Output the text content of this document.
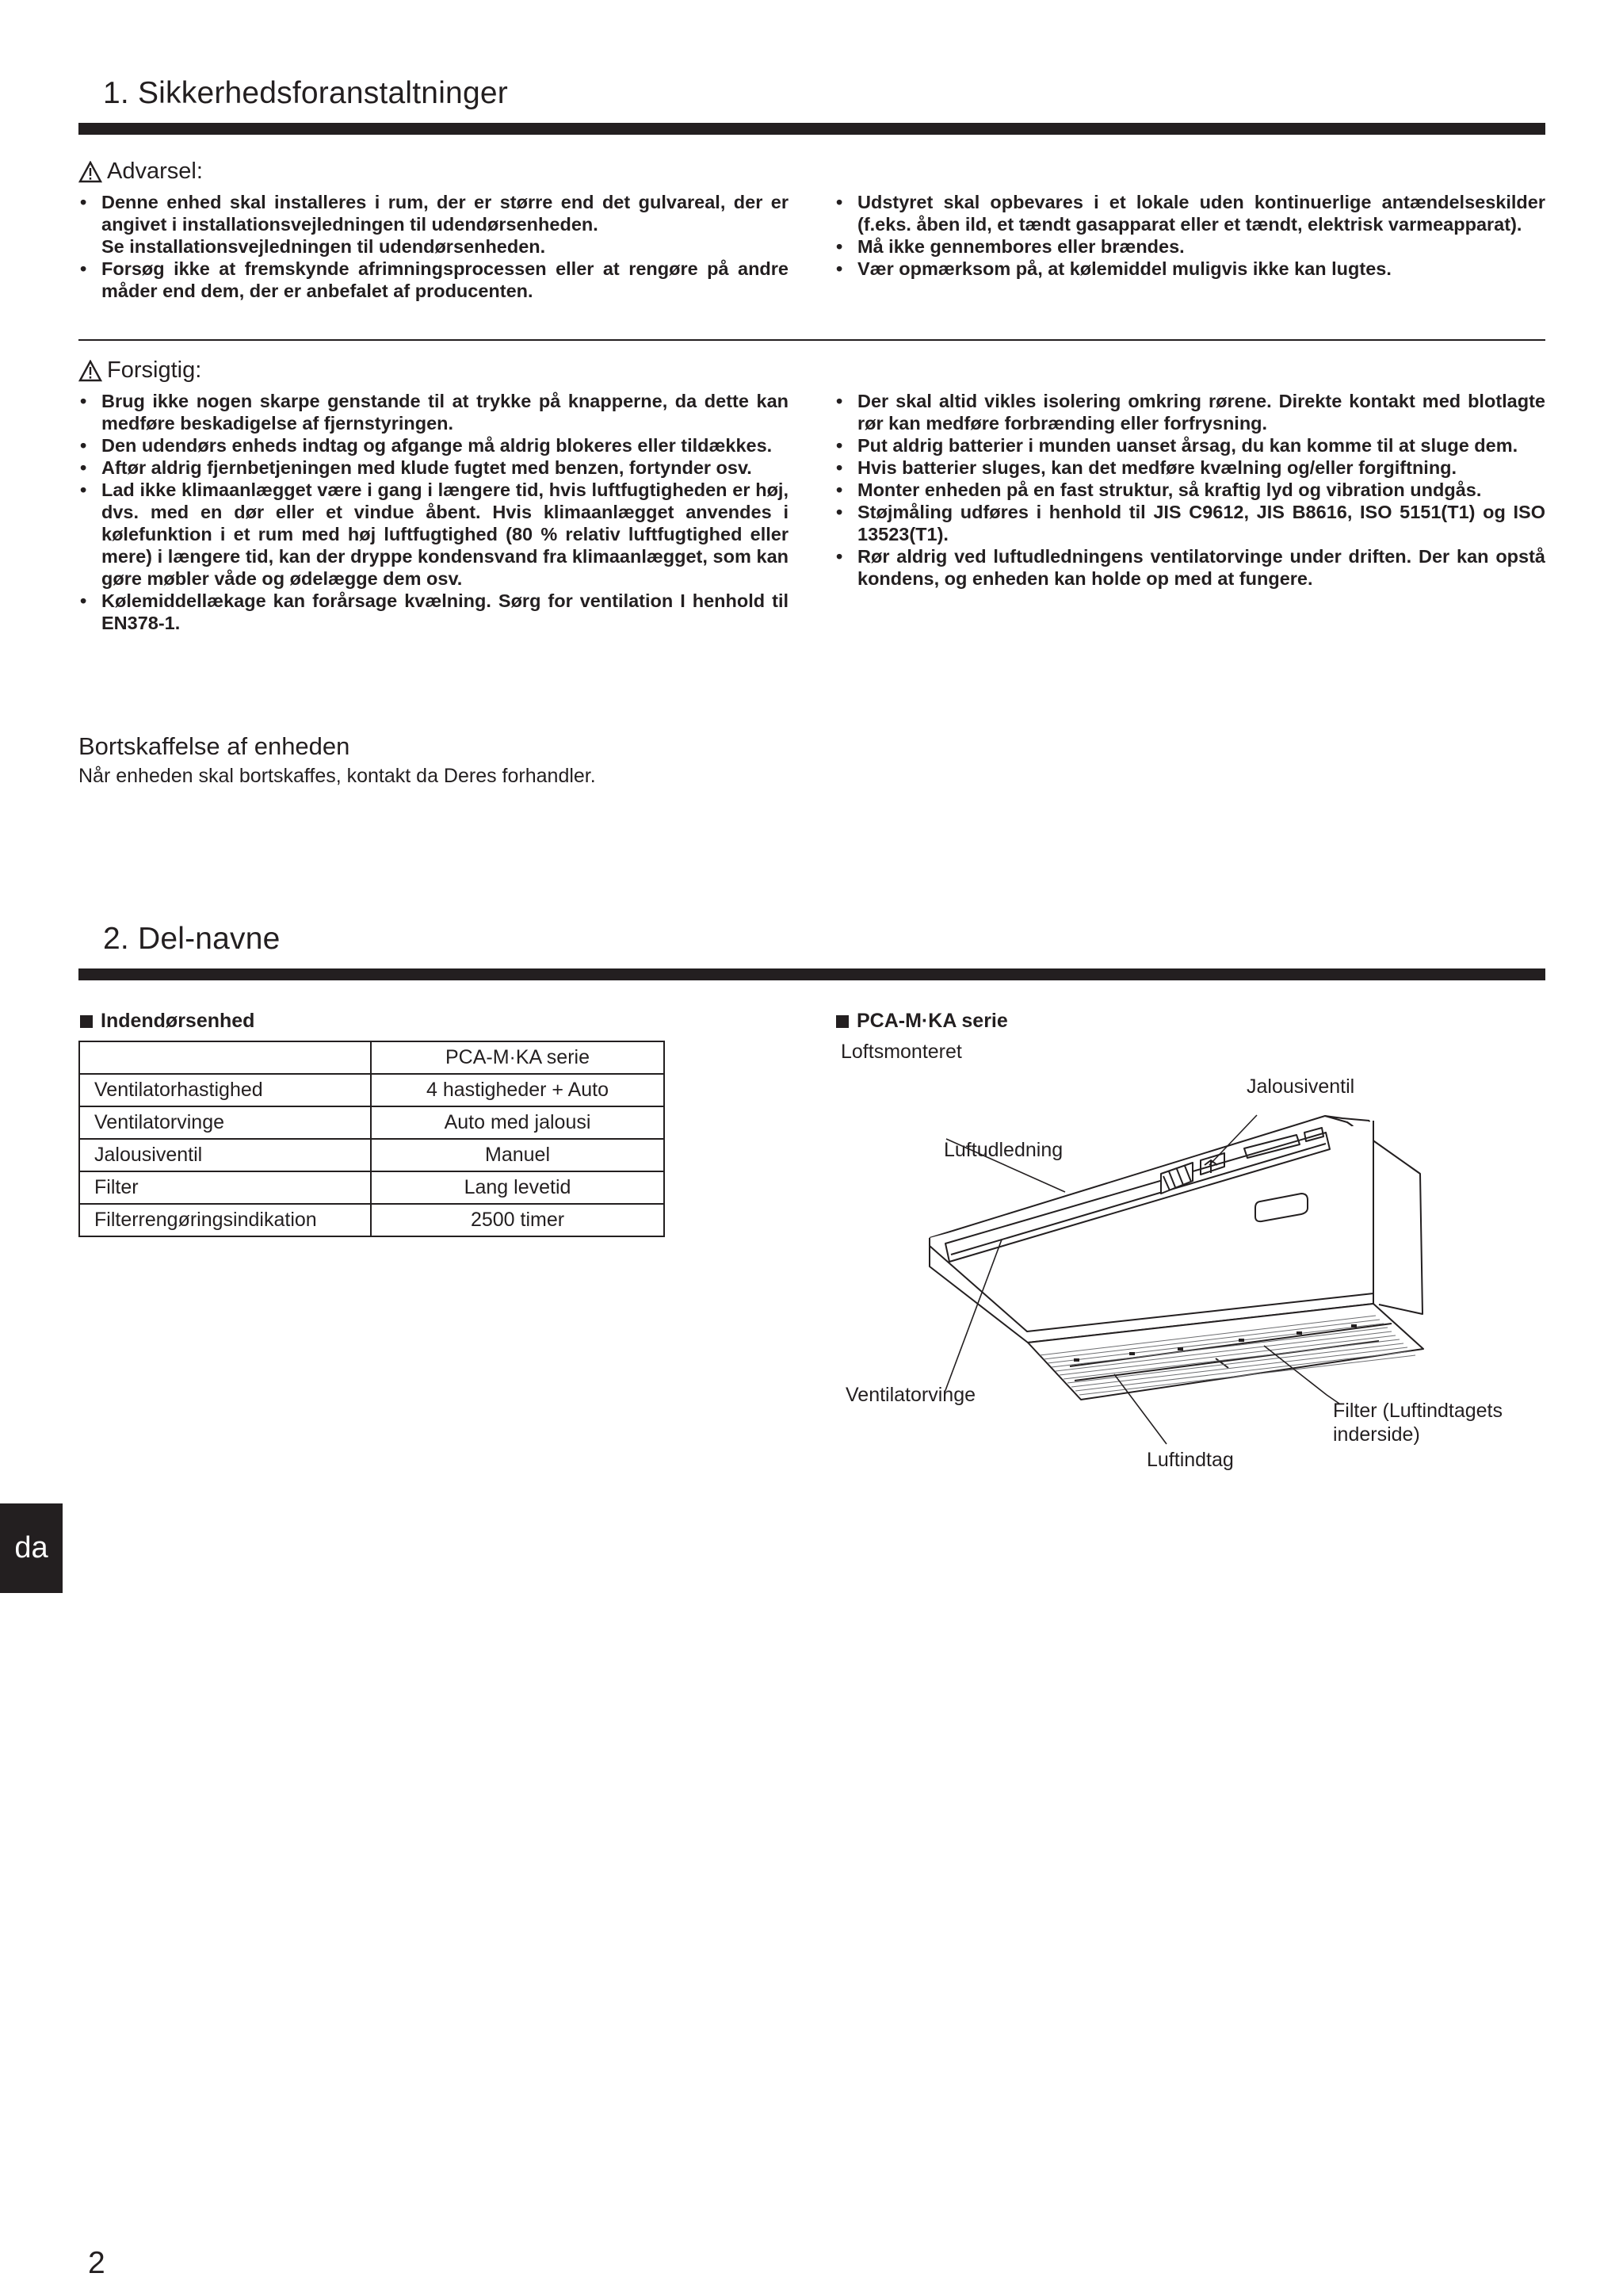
1. Sikkerhedsforanstaltninger
Advarsel:
• Denne enhed skal installeres i rum, der er større end det gulvareal, der er angivet i installationsvejledningen til udendørsenheden.
Se installationsvejledningen til udendørsenheden.
• Forsøg ikke at fremskynde afrimningsprocessen eller at rengøre på andre måder end dem, der er anbefalet af producenten.
• Udstyret skal opbevares i et lokale uden kontinuerlige antændelseskilder (f.eks. åben ild, et tændt gasapparat eller et tændt, elektrisk varmeapparat).
• Må ikke gennembores eller brændes.
• Vær opmærksom på, at kølemiddel muligvis ikke kan lugtes.
Forsigtig:
• Brug ikke nogen skarpe genstande til at trykke på knapperne, da dette kan medføre beskadigelse af fjernstyringen.
• Den udendørs enheds indtag og afgange må aldrig blokeres eller tildækkes.
• Aftør aldrig fjernbetjeningen med klude fugtet med benzen, fortynder osv.
• Lad ikke klimaanlægget være i gang i længere tid, hvis luftfugtigheden er høj, dvs. med en dør eller et vindue åbent. Hvis klimaanlægget anvendes i kølefunktion i et rum med høj luftfugtighed (80 % relativ luftfugtighed eller mere) i længere tid, kan der dryppe kondensvand fra klimaanlægget, som kan gøre møbler våde og ødelægge dem osv.
• Kølemiddellækage kan forårsage kvælning. Sørg for ventilation I henhold til EN378-1.
• Der skal altid vikles isolering omkring rørene. Direkte kontakt med blotlagte rør kan medføre forbrænding eller forfrysning.
• Put aldrig batterier i munden uanset årsag, du kan komme til at sluge dem.
• Hvis batterier sluges, kan det medføre kvælning og/eller forgiftning.
• Monter enheden på en fast struktur, så kraftig lyd og vibration undgås.
• Støjmåling udføres i henhold til JIS C9612, JIS B8616, ISO 5151(T1) og ISO 13523(T1).
• Rør aldrig ved luftudledningens ventilatorvinge under driften. Der kan opstå kondens, og enheden kan holde op med at fungere.
Bortskaffelse af enheden
Når enheden skal bortskaffes, kontakt da Deres forhandler.
2. Del-navne
Indendørsenhed
	PCA-M·KA serie
Ventilatorhastighed	4 hastigheder + Auto
Ventilatorvinge	Auto med jalousi
Jalousiventil	Manuel
Filter	Lang levetid
Filterrengøringsindikation	2500 timer
PCA-M·KA serie
Loftsmonteret
Jalousiventil
Luftudledning
Ventilatorvinge
Luftindtag
Filter (Luftindtagets
inderside)
da
2
